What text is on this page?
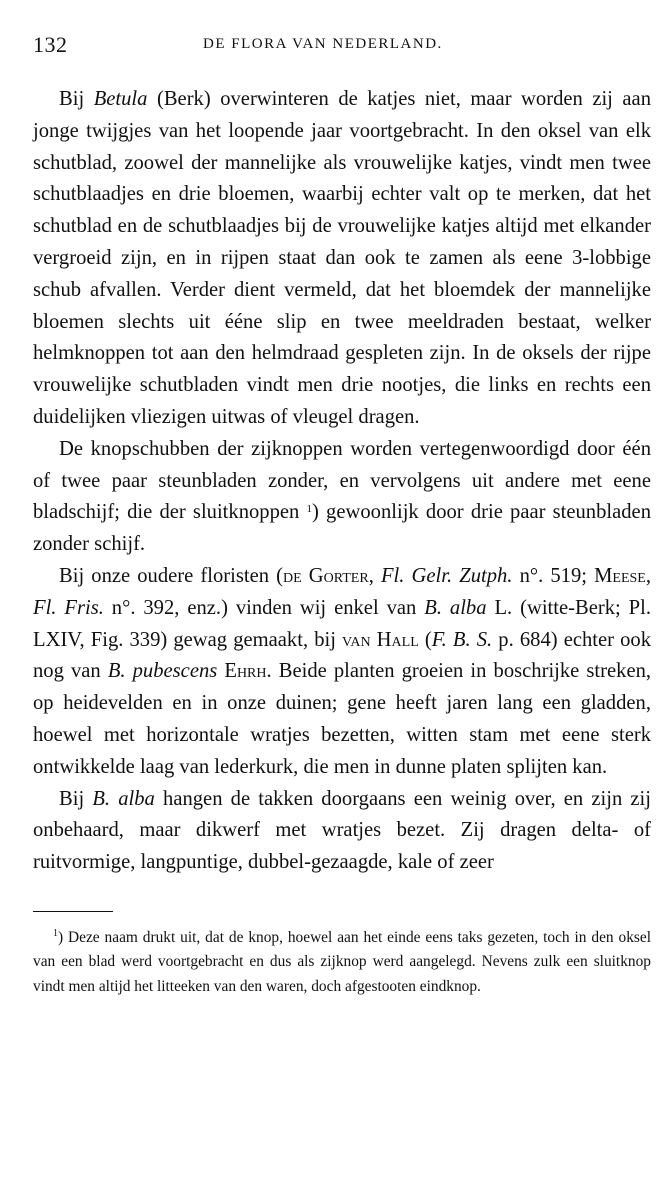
132	DE FLORA VAN NEDERLAND.

Bij Betula (Berk) overwinteren de katjes niet, maar worden zij aan jonge twijgjes van het loopende jaar voortgebracht. In den oksel van elk schutblad, zoowel der mannelijke als vrouwelijke katjes, vindt men twee schutblaadjes en drie bloemen, waarbij echter valt op te merken, dat het schutblad en de schutblaadjes bij de vrouwelijke katjes altijd met elkander vergroeid zijn, en in rijpen staat dan ook te zamen als eene 3-lobbige schub afvallen. Verder dient vermeld, dat het bloemdek der mannelijke bloemen slechts uit ééne slip en twee meeldraden bestaat, welker helmknoppen tot aan den helmdraad gespleten zijn. In de oksels der rijpe vrouwelijke schutbladen vindt men drie nootjes, die links en rechts een duidelijken vliezigen uitwas of vleugel dragen.

De knopschubben der zijknoppen worden vertegenwoordigd door één of twee paar steunbladen zonder, en vervolgens uit andere met eene bladschijf; die der sluitknoppen $^1$) gewoonlijk door drie paar steunbladen zonder schijf.

Bij onze oudere floristen (de Gorter, Fl. Gelr. Zutph. n°. 519; Meese, Fl. Fris. n°. 392, enz.) vinden wij enkel van B. alba L. (witte-Berk; Pl. LXIV, Fig. 339) gewag gemaakt, bij van Hall (F. B. S. p. 684) echter ook nog van B. pubescens Ehrh. Beide planten groeien in boschrijke streken, op heidevelden en in onze duinen; gene heeft jaren lang een gladden, hoewel met horizontale wratjes bezetten, witten stam met eene sterk ontwikkelde laag van lederkurk, die men in dunne platen splijten kan.

Bij B. alba hangen de takken doorgaans een weinig over, en zijn zij onbehaard, maar dikwerf met wratjes bezet. Zij dragen delta- of ruitvormige, langpuntige, dubbel-gezaagde, kale of zeer

$^1$) Deze naam drukt uit, dat de knop, hoewel aan het einde eens taks gezeten, toch in den oksel van een blad werd voortgebracht en dus als zijknop werd aangelegd. Nevens zulk een sluitknop vindt men altijd het litteeken van den waren, doch afgestooten eindknop.
